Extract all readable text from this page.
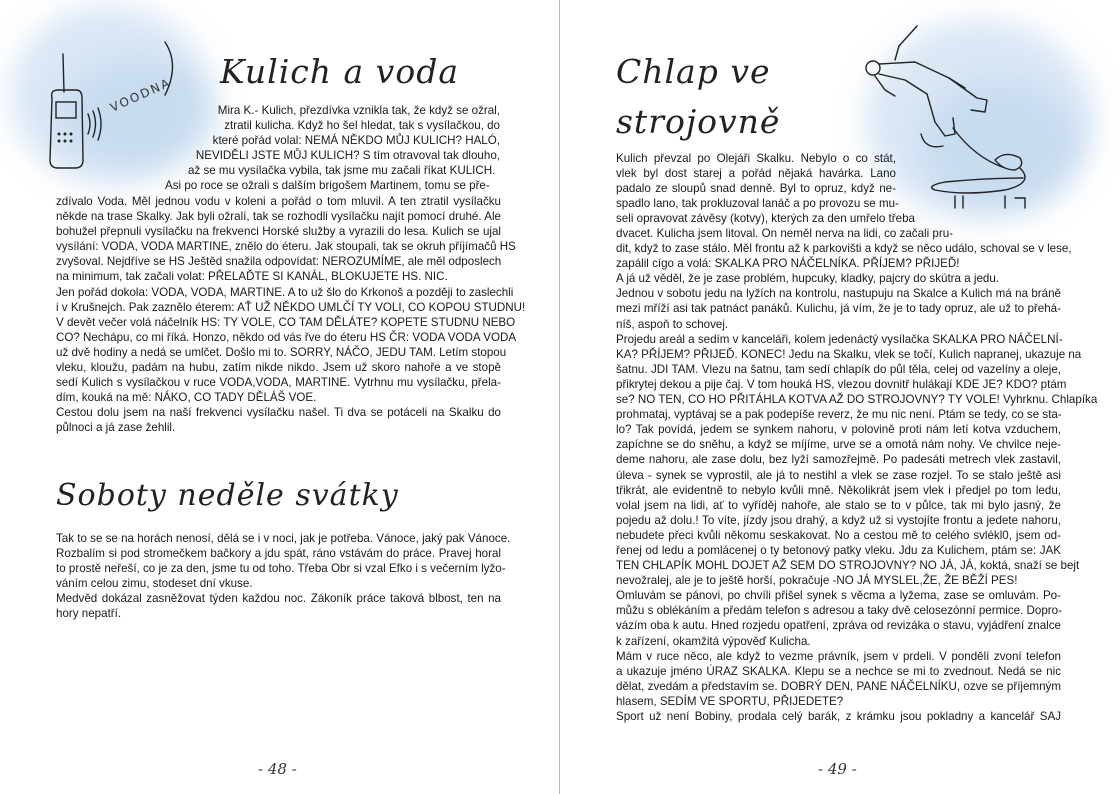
VOODNA
Kulich a voda
Mira K.- Kulich, přezdívka vznikla tak, že když se ožral,
ztratil kulicha. Když ho šel hledat, tak s vysílačkou, do
které pořád volal: NEMÁ NĚKDO MŮJ KULICH? HALÓ,
NEVIDĚLI JSTE MŮJ KULICH? S tím otravoval tak dlouho,
až se mu vysílačka vybila, tak jsme mu začali říkat KULICH.
Asi po roce se ožrali s dalším brigošem Martinem, tomu se pře-
zdívalo Voda. Měl jednou vodu v koleni a pořád o tom mluvil. A ten ztratil vysílačku
někde na trase Skalky. Jak byli ožralí, tak se rozhodli vysílačku najít pomocí druhé. Ale
bohužel přepnuli vysílačku na frekvenci Horské služby a vyrazili do lesa. Kulich se ujal
vysílání: VODA, VODA MARTINE, znělo do éteru. Jak stoupali, tak se okruh příjímačů HS
zvyšoval. Nejdříve se HS Ještěd snažila odpovídat: NEROZUMÍME, ale měl odposlech
na minimum, tak začali volat: PŘELAĎTE SI KANÁL, BLOKUJETE HS. NIC.
Jen pořád dokola: VODA, VODA, MARTINE. A to už šlo do Krkonoš a později to zaslechli
i v Krušnejch. Pak zaznělo éterem: AŤ UŽ NĚKDO UMLČÍ TY VOLI, CO KOPOU STUDNU!
V devět večer volá náčelník HS: TY VOLE, CO TAM DĚLÁTE? KOPETE STUDNU NEBO
CO? Nechápu, co mi říká. Honzo, někdo od vás řve do éteru HS ČR: VODA VODA VODA
už dvě hodiny a nedá se umlčet. Došlo mi to. SORRY, NÁČO, JEDU TAM. Letím stopou
vleku, kloužu, padám na hubu, zatím nikde nikdo. Jsem už skoro nahoře a ve stopě
sedí Kulich s vysílačkou v ruce VODA,VODA, MARTINE. Vytrhnu mu vysílačku, přela-
dím, kouká na mě: NÁKO, CO TADY DĚLÁŠ VOE.
Cestou dolu jsem na naší frekvenci vysílačku našel. Ti dva se potáceli na Skalku do
půlnoci a já zase žehlil.
Soboty neděle svátky
Tak to se se na horách nenosí, dělá se i v noci, jak je potřeba. Vánoce, jaký pak Vánoce.
Rozbalím si pod stromečkem bačkory a jdu spát, ráno vstávám do práce. Pravej horal
to prostě neřeší, co je za den, jsme tu od toho. Třeba Obr si vzal Efko i s večerním lyžo-
váním celou zimu, stodeset dní vkuse.
Medvěd dokázal zasněžovat týden každou noc. Zákoník práce taková blbost, ten na
hory nepatří.
- 48 -
Chlap ve
strojovně
Kulich převzal po Olejáři Skalku. Nebylo o co stát,
vlek byl dost starej a pořád nějaká havárka. Lano
padalo ze sloupů snad denně. Byl to opruz, když ne-
spadlo lano, tak prokluzoval lanáč a po provozu se mu-
seli opravovat závěsy (kotvy), kterých za den umřelo třeba
dvacet. Kulicha jsem litoval. On neměl nerva na lidi, co začali pru-
dit, když to zase stálo. Měl frontu až k parkovišti a když se něco událo, schoval se v lese,
zapálil cígo a volá: SKALKA PRO NÁČELNÍKA. PŘÍJEM? PŘIJEĎ!
A já už věděl, že je zase problém, hupcuky, kladky, pajcry do skútra a jedu.
Jednou v sobotu jedu na lyžích na kontrolu, nastupuju na Skalce a Kulich má na bráně
mezi mříží asi tak patnáct panáků. Kulichu, já vím, že je to tady opruz, ale už to přehá-
níš, aspoň to schovej.
Projedu areál a sedím v kanceláři, kolem jedenáctý vysílačka SKALKA PRO NÁČELNÍ-
KA? PŘÍJEM? PŘIJEĎ. KONEC! Jedu na Skalku, vlek se točí, Kulich napranej, ukazuje na
šatnu. JDI TAM. Vlezu na šatnu, tam sedí chlapík do půl těla, celej od vazelíny a oleje,
přikrytej dekou a pije čaj. V tom houká HS, vlezou dovnitř hulákají KDE JE? KDO? ptám
se? NO TEN, CO HO PŘITÁHLA KOTVA AŽ DO STROJOVNY? TY VOLE! Vyhrknu. Chlapíka
prohmataj, vyptávaj se a pak podepíše reverz, že mu nic není. Ptám se tedy, co se sta-
lo? Tak povídá, jedem se synkem nahoru, v polovině proti nám letí kotva vzduchem,
zapíchne se do sněhu, a když se míjíme, urve se a omotá nám nohy. Ve chvilce neje-
deme nahoru, ale zase dolu, bez lyží samozřejmě. Po padesáti metrech vlek zastavil,
úleva - synek se vyprostil, ale já to nestihl a vlek se zase rozjel. To se stalo ještě asi
třikrát, ale evidentně to nebylo kvůli mně. Několikrát jsem vlek i předjel po tom ledu,
volal jsem na lidi, ať to vyříděj nahoře, ale stalo se to v půlce, tak mi bylo jasný, že
pojedu až dolu.! To víte, jízdy jsou drahý, a když už si vystojíte frontu a jedete nahoru,
nebudete přeci kvůli někomu seskakovat. No a cestou mě to celého svlékl0, jsem od-
řenej od ledu a pomlácenej o ty betonový patky vleku. Jdu za Kulichem, ptám se: JAK
TEN CHLAPÍK MOHL DOJET AŽ SEM DO STROJOVNY? NO JÁ, JÁ, koktá, snaží se bejt
nevožralej, ale je to ještě horší, pokračuje -NO JÁ MYSLEL,ŽE, ŽE BĚŽÍ PES!
Omluvám se pánovi, po chvíli přišel synek s věcma a lyžema, zase se omluvám. Po-
můžu s oblékáním a předám telefon s adresou a taky dvě celosezónní permice. Dopro-
vázím oba k autu. Hned rozjedu opatření, zpráva od revizáka o stavu, vyjádření znalce
k zařízení, okamžitá výpověď Kulicha.
Mám v ruce něco, ale když to vezme právník, jsem v prdeli. V pondělí zvoní telefon
a ukazuje jméno ÚRAZ SKALKA. Klepu se a nechce se mi to zvednout. Nedá se nic
dělat, zvedám a představím se. DOBRÝ DEN, PANE NÁČELNÍKU, ozve se příjemným
hlasem, SEDÍM VE SPORTU, PŘIJEDETE?
Sport už není Bobiny, prodala celý barák, z krámku jsou pokladny a kancelář SAJ
- 49 -
